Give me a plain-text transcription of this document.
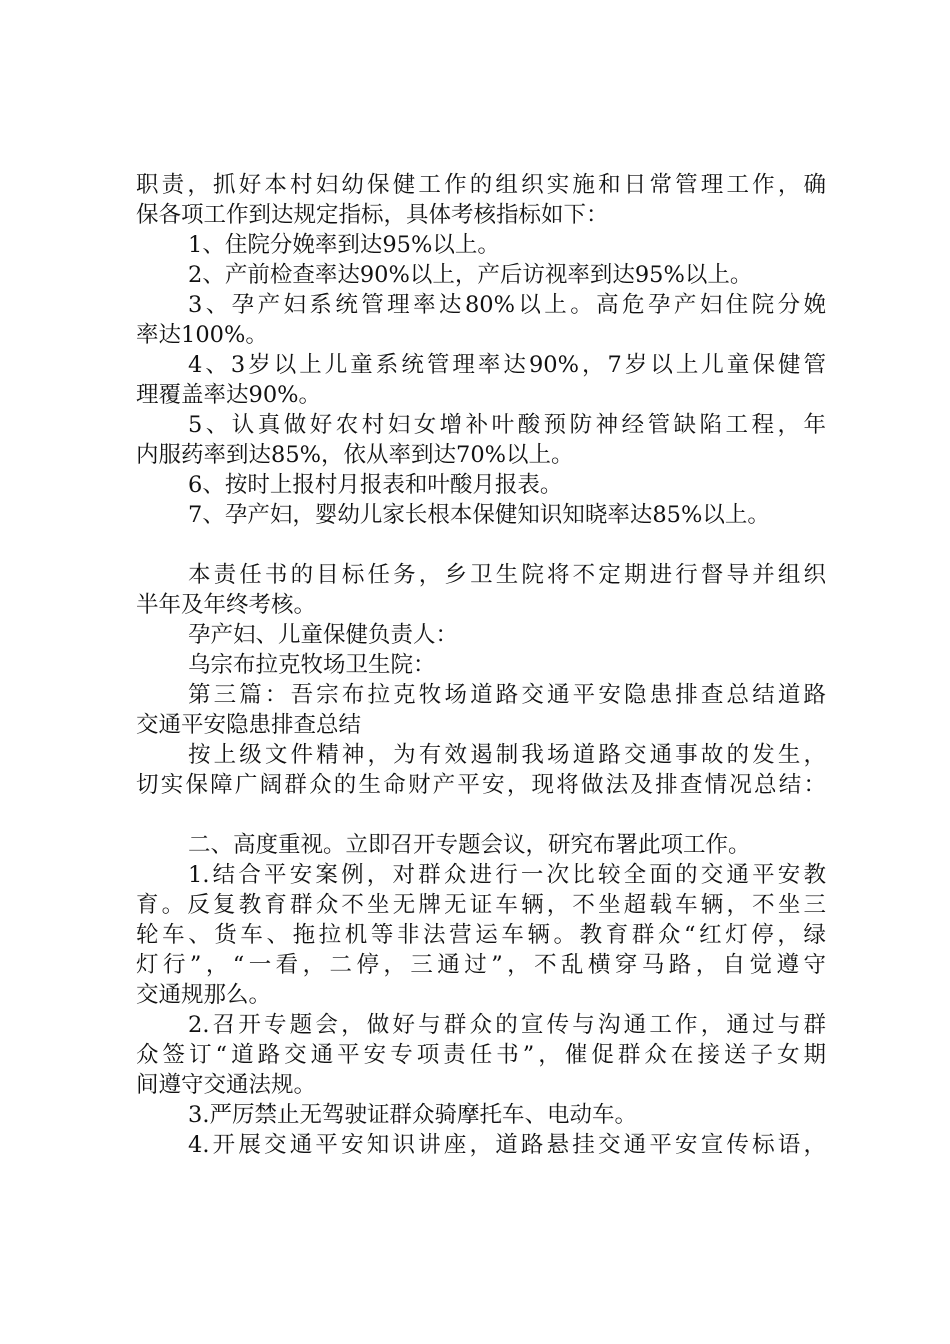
职责，抓好本村妇幼保健工作的组织实施和日常管理工作，确
保各项工作到达规定指标，具体考核指标如下：
1、住院分娩率到达95%以上。
2、产前检查率达90%以上，产后访视率到达95%以上。
3、孕产妇系统管理率达80%以上。高危孕产妇住院分娩
率达100%。
4、3岁以上儿童系统管理率达90%，7岁以上儿童保健管
理覆盖率达90%。
5、认真做好农村妇女增补叶酸预防神经管缺陷工程，年
内服药率到达85%，依从率到达70%以上。
6、按时上报村月报表和叶酸月报表。
7、孕产妇，婴幼儿家长根本保健知识知晓率达85%以上。
本责任书的目标任务，乡卫生院将不定期进行督导并组织
半年及年终考核。
孕产妇、儿童保健负责人：
乌宗布拉克牧场卫生院：
第三篇：吾宗布拉克牧场道路交通平安隐患排查总结道路
交通平安隐患排查总结
按上级文件精神，为有效遏制我场道路交通事故的发生，
切实保障广阔群众的生命财产平安，现将做法及排查情况总结：
二、高度重视。立即召开专题会议，研究布署此项工作。
1.结合平安案例，对群众进行一次比较全面的交通平安教
育。反复教育群众不坐无牌无证车辆，不坐超载车辆，不坐三
轮车、货车、拖拉机等非法营运车辆。教育群众“红灯停，绿
灯行”，“一看，二停，三通过”，不乱横穿马路，自觉遵守
交通规那么。
2.召开专题会，做好与群众的宣传与沟通工作，通过与群
众签订“道路交通平安专项责任书”，催促群众在接送子女期
间遵守交通法规。
3.严厉禁止无驾驶证群众骑摩托车、电动车。
4.开展交通平安知识讲座，道路悬挂交通平安宣传标语，
